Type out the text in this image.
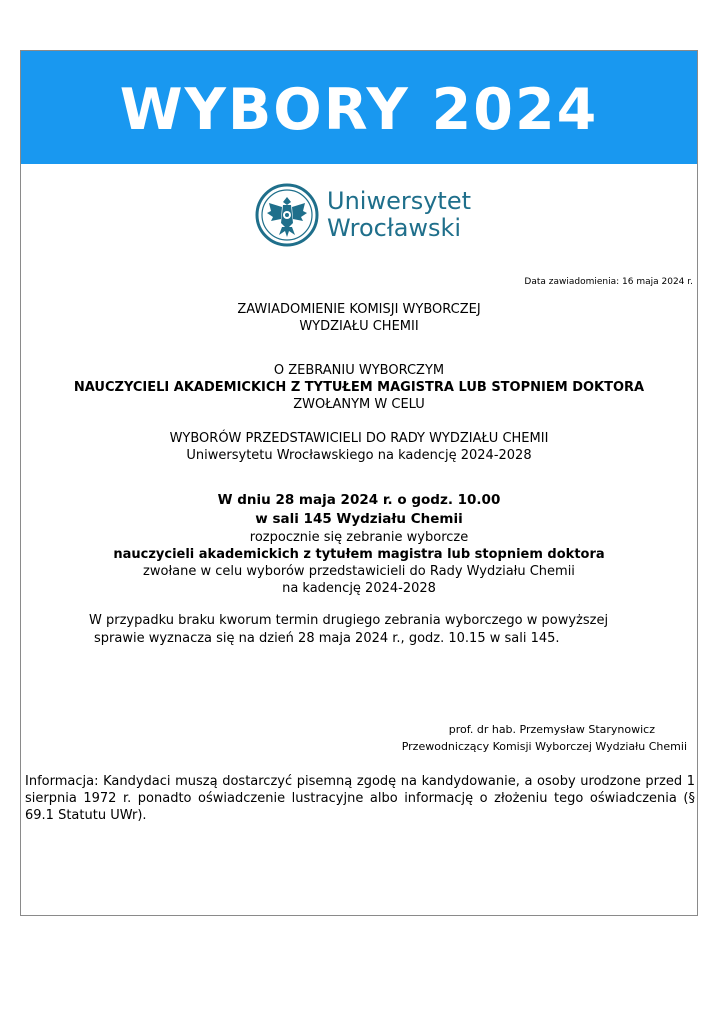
WYBORY 2024
Uniwersytet
Wrocławski
Data zawiadomienia: 16 maja 2024 r.
ZAWIADOMIENIE KOMISJI WYBORCZEJ
WYDZIAŁU CHEMII
O ZEBRANIU WYBORCZYM
NAUCZYCIELI AKADEMICKICH Z TYTUŁEM MAGISTRA LUB STOPNIEM DOKTORA
ZWOŁANYM W CELU
WYBORÓW PRZEDSTAWICIELI DO RADY WYDZIAŁU CHEMII
Uniwersytetu Wrocławskiego na kadencję 2024-2028
W dniu 28 maja 2024 r. o godz. 10.00
w sali 145 Wydziału Chemii
rozpocznie się zebranie wyborcze
nauczycieli akademickich z tytułem magistra lub stopniem doktora
zwołane w celu wyborów przedstawicieli do Rady Wydziału Chemii
na kadencję 2024-2028
W przypadku braku kworum termin drugiego zebrania wyborczego w powyższej
sprawie wyznacza się na dzień 28 maja 2024 r., godz. 10.15 w sali 145.
prof. dr hab. Przemysław Starynowicz
Przewodniczący Komisji Wyborczej Wydziału Chemii
Informacja: Kandydaci muszą dostarczyć pisemną zgodę na kandydowanie, a osoby urodzone przed 1 sierpnia 1972 r. ponadto oświadczenie lustracyjne albo informację o złożeniu tego oświadczenia (§ 69.1 Statutu UWr).
